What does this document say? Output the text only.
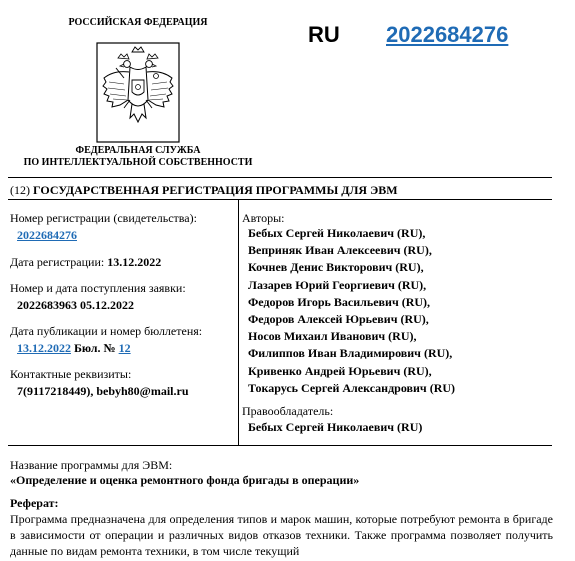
РОССИЙСКАЯ ФЕДЕРАЦИЯ
ФЕДЕРАЛЬНАЯ СЛУЖБА
ПО ИНТЕЛЛЕКТУАЛЬНОЙ СОБСТВЕННОСТИ
RU 2022684276
(12) ГОСУДАРСТВЕННАЯ РЕГИСТРАЦИЯ ПРОГРАММЫ ДЛЯ ЭВМ
Номер регистрации (свидетельства):
2022684276
Дата регистрации: 13.12.2022
Номер и дата поступления заявки:
2022683963 05.12.2022
Дата публикации и номер бюллетеня:
13.12.2022 Бюл. № 12
Контактные реквизиты:
7(9117218449), bebyh80@mail.ru
Авторы:
Бебых Сергей Николаевич (RU),
Веприняк Иван Алексеевич (RU),
Кочнев Денис Викторович (RU),
Лазарев Юрий Георгиевич (RU),
Федоров Игорь Васильевич (RU),
Федоров Алексей Юрьевич (RU),
Носов Михаил Иванович (RU),
Филиппов Иван Владимирович (RU),
Кривенко Андрей Юрьевич (RU),
Токарусь Сергей Александрович (RU)
Правообладатель:
Бебых Сергей Николаевич (RU)
Название программы для ЭВМ:
«Определение и оценка ремонтного фонда бригады в операции»
Реферат:
Программа предназначена для определения типов и марок машин, которые потребуют ремонта в бригаде в зависимости от операции и различных видов отказов техники. Также программа позволяет получить данные по видам ремонта техники, в том числе текущий
